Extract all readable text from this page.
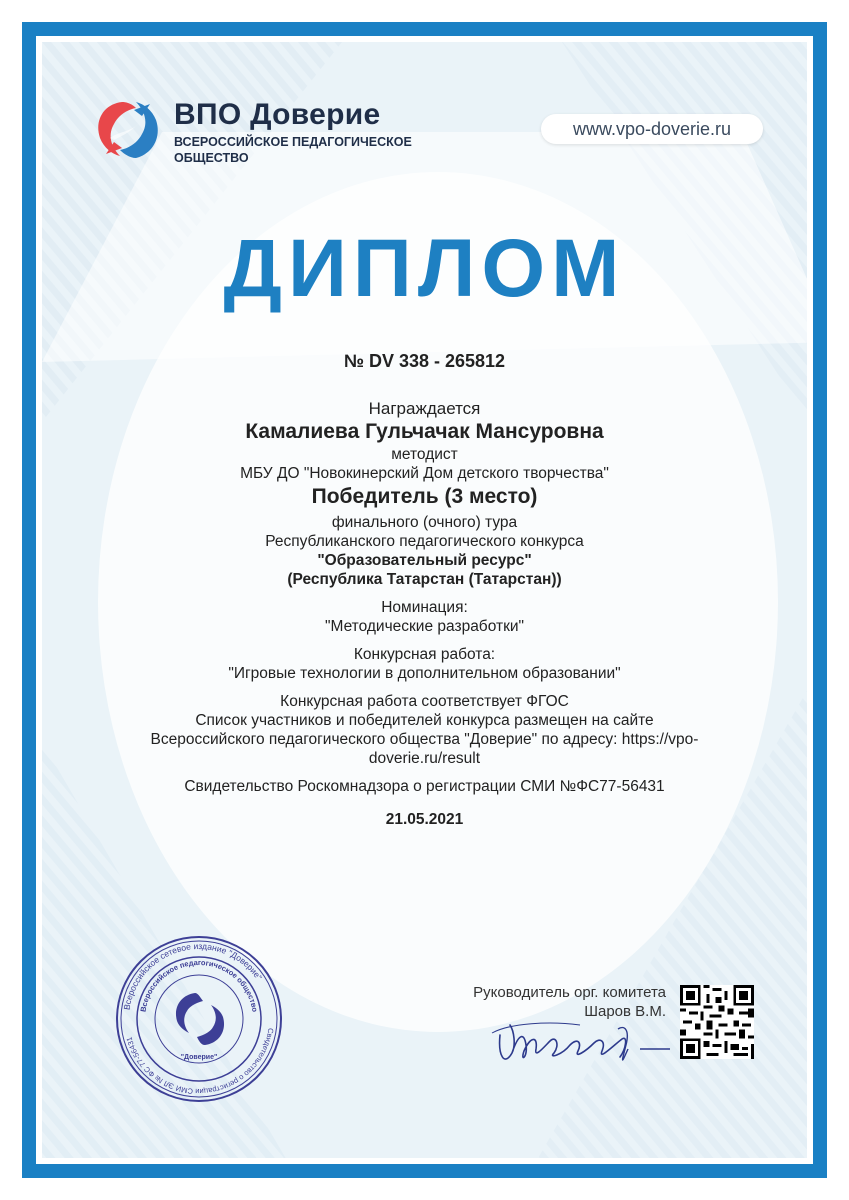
ВПО Доверие
ВСЕРОССИЙСКОЕ ПЕДАГОГИЧЕСКОЕ
ОБЩЕСТВО
www.vpo-doverie.ru
ДИПЛОМ
№ DV 338 - 265812
Награждается
Камалиева Гульчачак Мансуровна
методист
МБУ ДО "Новокинерский Дом детского творчества"
Победитель (3 место)
финального (очного) тура
Республиканского педагогического конкурса
"Образовательный ресурс"
(Республика Татарстан (Татарстан))
Номинация:
"Методические разработки"
Конкурсная работа:
"Игровые технологии в дополнительном образовании"
Конкурсная работа соответствует ФГОС
Список участников и победителей конкурса размещен на сайте
Всероссийского педагогического общества "Доверие" по адресу: https://vpo-
doverie.ru/result
Свидетельство Роскомнадзора о регистрации СМИ №ФС77-56431
21.05.2021
Всероссийское сетевое издание "Доверие"
Свидетельство о регистрации СМИ ЭЛ № ФС 77-56431
Всероссийское педагогическое общество
"Доверие"
Руководитель орг. комитета
Шаров В.М.
